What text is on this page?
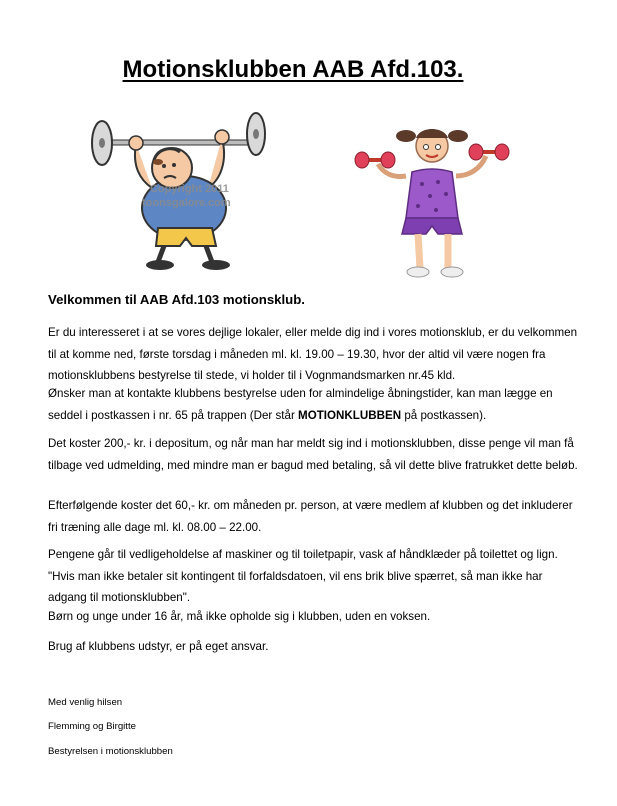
Motionsklubben AAB Afd.103.
Copyright 2011
toonsgalore.com
Velkommen til AAB Afd.103 motionsklub.
Er du interesseret i at se vores dejlige lokaler, eller melde dig ind i vores motionsklub, er du velkommen til at komme ned, første torsdag i måneden ml. kl. 19.00 – 19.30, hvor der altid vil være nogen fra motionsklubbens bestyrelse til stede, vi holder til i Vognmandsmarken nr.45 kld.
Ønsker man at kontakte klubbens bestyrelse uden for almindelige åbningstider, kan man lægge en seddel i postkassen i nr. 65 på trappen (Der står MOTIONKLUBBEN på postkassen).
Det koster 200,- kr. i depositum, og når man har meldt sig ind i motionsklubben, disse penge vil man få tilbage ved udmelding, med mindre man er bagud med betaling, så vil dette blive fratrukket dette beløb.
Efterfølgende koster det 60,- kr. om måneden pr. person, at være medlem af klubben og det inkluderer fri træning alle dage ml. kl. 08.00 – 22.00.
Pengene går til vedligeholdelse af maskiner og til toiletpapir, vask af håndklæder på toilettet og lign. "Hvis man ikke betaler sit kontingent til forfaldsdatoen, vil ens brik blive spærret, så man ikke har adgang til motionsklubben".
Børn og unge under 16 år, må ikke opholde sig i klubben, uden en voksen.
Brug af klubbens udstyr, er på eget ansvar.
Med venlig hilsen
Flemming og Birgitte
Bestyrelsen i motionsklubben
